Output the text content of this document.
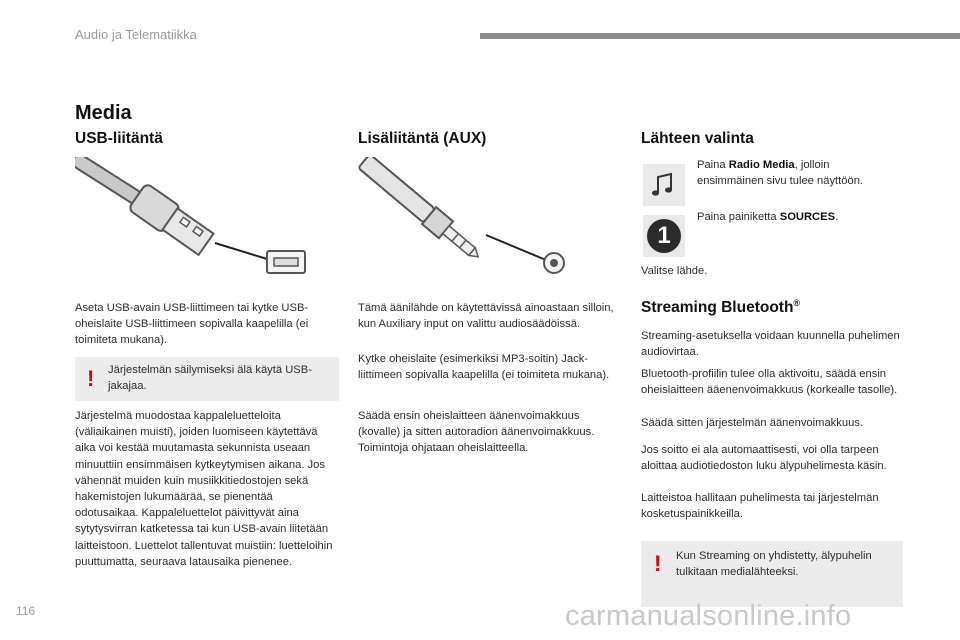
Audio ja Telematiikka
Media
USB-liitäntä

Aseta USB-avain USB-liittimeen tai kytke USB-oheislaite USB-liittimeen sopivalla kaapelilla (ei toimiteta mukana).

! Järjestelmän säilymiseksi älä käytä USB-jakajaa.

Järjestelmä muodostaa kappaleluetteloita (väliaikainen muisti), joiden luomiseen käytettävä aika voi kestää muutamasta sekunnista useaan minuuttiin ensimmäisen kytkeytymisen aikana. Jos vähennät muiden kuin musiikkitiedostojen sekä hakemistojen lukumäärää, se pienentää odotusaikaa. Kappaleluettelot päivittyvät aina sytytysvirran katketessa tai kun USB-avain liitetään laitteistoon. Luettelot tallentuvat muistiin: luetteloihin puuttumatta, seuraava latausaika pienenee.

Lisäliitäntä (AUX)

Tämä äänilähde on käytettävissä ainoastaan silloin, kun Auxiliary input on valittu audiosäädöissä.

Kytke oheislaite (esimerkiksi MP3-soitin) Jack-liittimeen sopivalla kaapelilla (ei toimiteta mukana).

Säädä ensin oheislaitteen äänenvoimakkuus (kovalle) ja sitten autoradion äänenvoimakkuus. Toimintoja ohjataan oheislaitteella.

Lähteen valinta

Paina Radio Media, jolloin ensimmäinen sivu tulee näyttöön.

1

Paina painiketta SOURCES.

Valitse lähde.

Streaming Bluetooth®

Streaming-asetuksella voidaan kuunnella puhelimen audiovirtaa.

Bluetooth-profiilin tulee olla aktivoitu, säädä ensin oheislaitteen ääenenvoimakkuus (korkealle tasolle).

Säädä sitten järjestelmän äänenvoimakkuus.

Jos soitto ei ala automaattisesti, voi olla tarpeen aloittaa audiotiedoston luku älypuhelimesta käsin.

Laitteistoa hallitaan puhelimesta tai järjestelmän kosketuspainikkeilla.

! Kun Streaming on yhdistetty, älypuhelin tulkitaan medialähteeksi.

116	carmanualsonline.info
